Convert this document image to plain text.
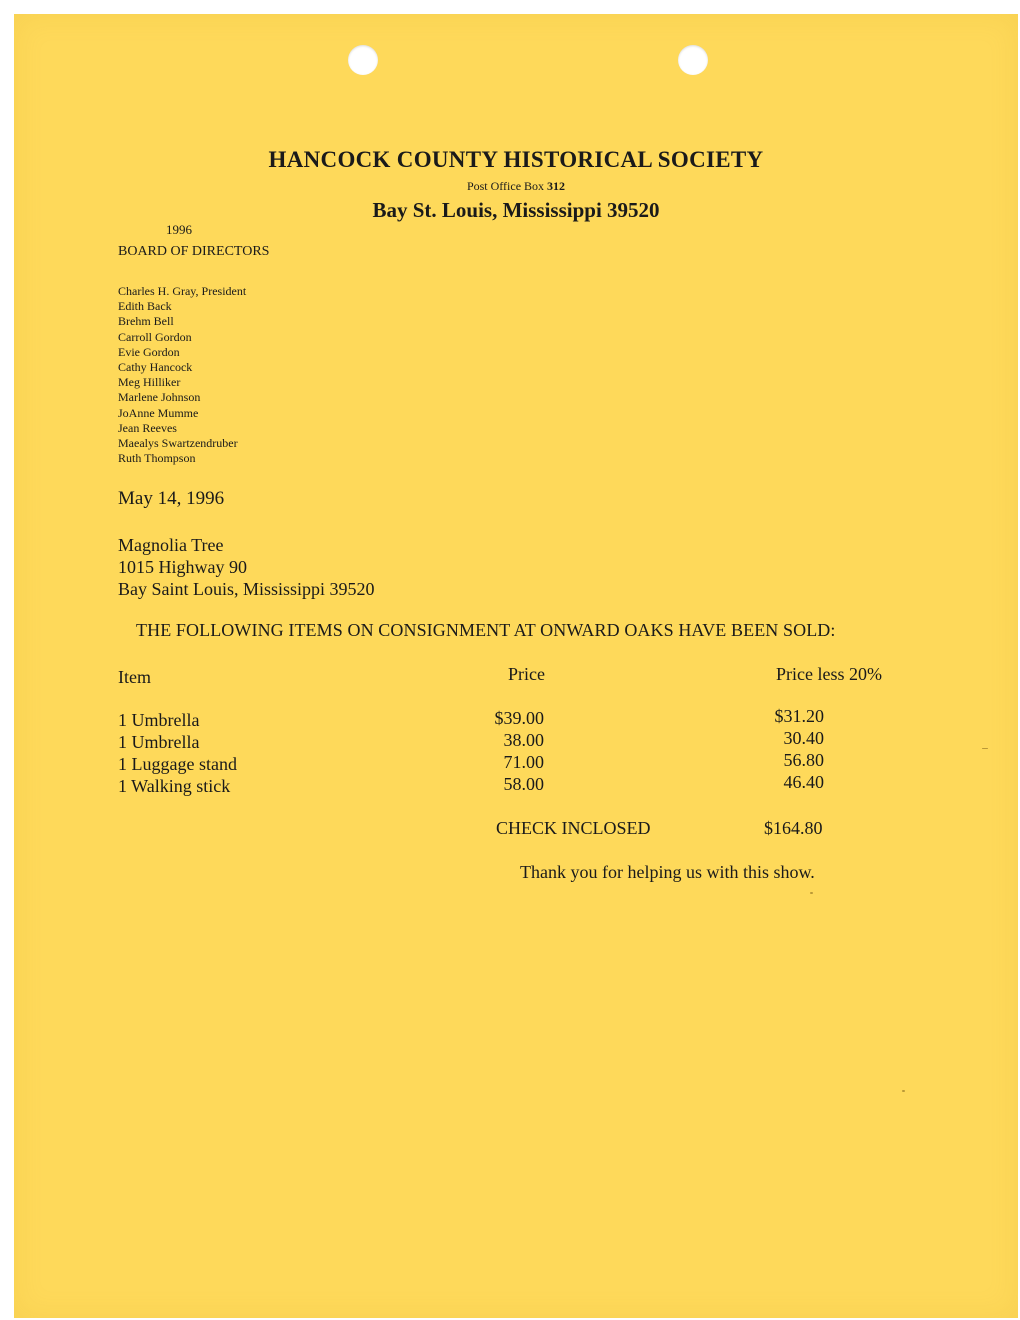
HANCOCK COUNTY HISTORICAL SOCIETY
Post Office Box 312
Bay St. Louis, Mississippi 39520
1996
BOARD OF DIRECTORS
Charles H. Gray, President
Edith Back
Brehm Bell
Carroll Gordon
Evie Gordon
Cathy Hancock
Meg Hilliker
Marlene Johnson
JoAnne Mumme
Jean Reeves
Maealys Swartzendruber
Ruth Thompson
May 14, 1996
Magnolia Tree
1015 Highway 90
Bay Saint Louis, Mississippi 39520
THE FOLLOWING ITEMS ON CONSIGNMENT AT ONWARD OAKS HAVE BEEN SOLD:
Item	Price	Price less 20%
1 Umbrella	$39.00	$31.20
1 Umbrella	38.00	30.40
1 Luggage stand	71.00	56.80
1 Walking stick	58.00	46.40
CHECK INCLOSED	$164.80
Thank you for helping us with this show.
